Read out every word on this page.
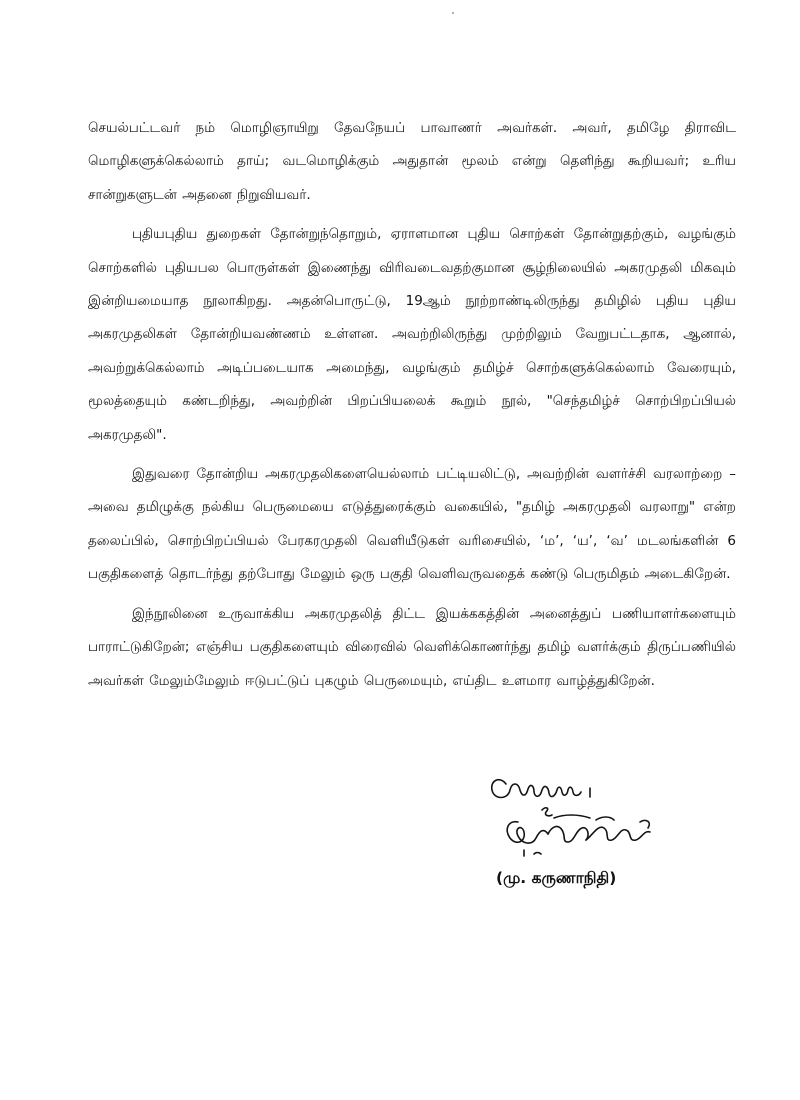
செயல்பட்டவர் நம் மொழிஞாயிறு தேவநேயப் பாவாணர் அவர்கள். அவர், தமிழே திராவிட மொழிகளுக்கெல்லாம் தாய்; வடமொழிக்கும் அதுதான் மூலம் என்று தெளிந்து கூறியவர்; உரிய சான்றுகளுடன் அதனை நிறுவியவர்.

புதியபுதிய துறைகள் தோன்றுந்தொறும், ஏராளமான புதிய சொற்கள் தோன்றுதற்கும், வழங்கும் சொற்களில் புதியபல பொருள்கள் இணைந்து விரிவடைவதற்குமான சூழ்நிலையில் அகரமுதலி மிகவும் இன்றியமையாத நூலாகிறது. அதன்பொருட்டு, 19ஆம் நூற்றாண்டிலிருந்து தமிழில் புதிய புதிய அகரமுதலிகள் தோன்றியவண்ணம் உள்ளன. அவற்றிலிருந்து முற்றிலும் வேறுபட்டதாக, ஆனால், அவற்றுக்கெல்லாம் அடிப்படையாக அமைந்து, வழங்கும் தமிழ்ச் சொற்களுக்கெல்லாம் வேரையும், மூலத்தையும் கண்டறிந்து, அவற்றின் பிறப்பியலைக் கூறும் நூல், "செந்தமிழ்ச் சொற்பிறப்பியல் அகரமுதலி".

இதுவரை தோன்றிய அகரமுதலிகளையெல்லாம் பட்டியலிட்டு, அவற்றின் வளர்ச்சி வரலாற்றை – அவை தமிழுக்கு நல்கிய பெருமையை எடுத்துரைக்கும் வகையில், "தமிழ் அகரமுதலி வரலாறு" என்ற தலைப்பில், சொற்பிறப்பியல் பேரகரமுதலி வெளியீடுகள் வரிசையில், ‘ம’, ‘ய’, ‘வ’ மடலங்களின் 6 பகுதிகளைத் தொடர்ந்து தற்போது மேலும் ஒரு பகுதி வெளிவருவதைக் கண்டு பெருமிதம் அடைகிறேன்.

இந்நூலினை உருவாக்கிய அகரமுதலித் திட்ட இயக்ககத்தின் அனைத்துப் பணியாளர்களையும் பாராட்டுகிறேன்; எஞ்சிய பகுதிகளையும் விரைவில் வெளிக்கொணர்ந்து தமிழ் வளர்க்கும் திருப்பணியில் அவர்கள் மேலும்மேலும் ஈடுபட்டுப் புகழும் பெருமையும், எய்திட உளமார வாழ்த்துகிறேன்.

(மு. கருணாநிதி)
